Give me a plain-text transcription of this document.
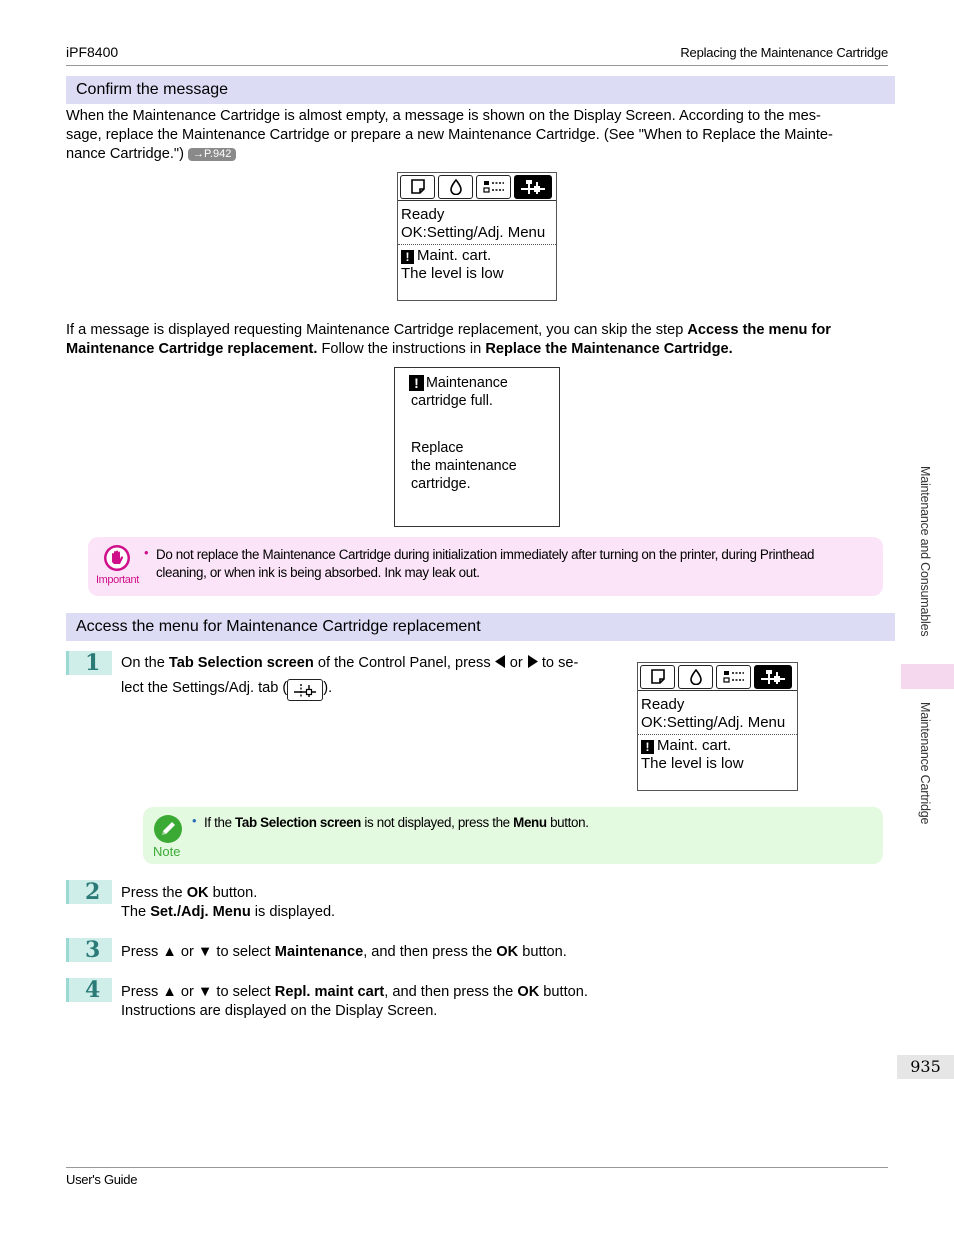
iPF8400	Replacing the Maintenance Cartridge
Confirm the message
When the Maintenance Cartridge is almost empty, a message is shown on the Display Screen. According to the mes-
sage, replace the Maintenance Cartridge or prepare a new Maintenance Cartridge. (See "When to Replace the Mainte-
nance Cartridge.") →P.942
Ready
OK:Setting/Adj. Menu
! Maint. cart.
The level is low
If a message is displayed requesting Maintenance Cartridge replacement, you can skip the step Access the menu for
Maintenance Cartridge replacement. Follow the instructions in Replace the Maintenance Cartridge.
! Maintenance
cartridge full.
Replace
the maintenance
cartridge.
Important
• Do not replace the Maintenance Cartridge during initialization immediately after turning on the printer, during Printhead
cleaning, or when ink is being absorbed. Ink may leak out.
Access the menu for Maintenance Cartridge replacement
1	On the Tab Selection screen of the Control Panel, press  or  to se-
lect the Settings/Adj. tab ( ).
Ready
OK:Setting/Adj. Menu
! Maint. cart.
The level is low
Note
• If the Tab Selection screen is not displayed, press the Menu button.
2	Press the OK button.
The Set./Adj. Menu is displayed.
3	Press ▲ or ▼ to select Maintenance, and then press the OK button.
4	Press ▲ or ▼ to select Repl. maint cart, and then press the OK button.
Instructions are displayed on the Display Screen.
Maintenance and Consumables
Maintenance Cartridge
935
User's Guide
